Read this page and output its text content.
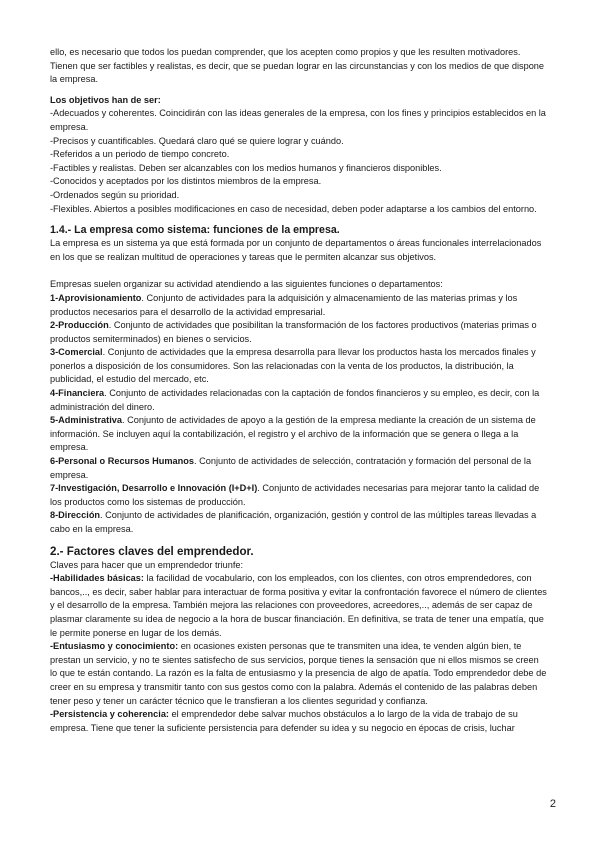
ello, es necesario que todos los puedan comprender, que los acepten como propios y que les resulten motivadores. Tienen que ser factibles y realistas, es decir, que se puedan lograr en las circunstancias y con los medios de que dispone la empresa.

Los objetivos han de ser:

-Adecuados y coherentes. Coincidirán con las ideas generales de la empresa, con los fines y principios establecidos en la empresa.

-Precisos y cuantificables. Quedará claro qué se quiere lograr y cuándo.

-Referidos a un periodo de tiempo concreto.

-Factibles y realistas. Deben ser alcanzables con los medios humanos y financieros disponibles.

-Conocidos y aceptados por los distintos miembros de la empresa.

-Ordenados según su prioridad.

-Flexibles. Abiertos a posibles modificaciones en caso de necesidad, deben poder adaptarse a los cambios del entorno.

1.4.- La empresa como sistema: funciones de la empresa.

La empresa es un sistema ya que está formada por un conjunto de departamentos o áreas funcionales interrelacionados en los que se realizan multitud de operaciones y tareas que le permiten alcanzar sus objetivos.

Empresas suelen organizar su actividad atendiendo a las siguientes funciones o departamentos:

1-Aprovisionamiento. Conjunto de actividades para la adquisición y almacenamiento de las materias primas y los productos necesarios para el desarrollo de la actividad empresarial.

2-Producción. Conjunto de actividades que posibilitan la transformación de los factores productivos (materias primas o productos semiterminados) en bienes o servicios.

3-Comercial. Conjunto de actividades que la empresa desarrolla para llevar los productos hasta los mercados finales y ponerlos a disposición de los consumidores. Son las relacionadas con la venta de los productos, la distribución, la publicidad, el estudio del mercado, etc.

4-Financiera. Conjunto de actividades relacionadas con la captación de fondos financieros y su empleo, es decir, con la administración del dinero.

5-Administrativa. Conjunto de actividades de apoyo a la gestión de la empresa mediante la creación de un sistema de información. Se incluyen aquí la contabilización, el registro y el archivo de la información que se genera o llega a la empresa.

6-Personal o Recursos Humanos. Conjunto de actividades de selección, contratación y formación del personal de la empresa.

7-Investigación, Desarrollo e Innovación (I+D+I). Conjunto de actividades necesarias para mejorar tanto la calidad de los productos como los sistemas de producción.

8-Dirección. Conjunto de actividades de planificación, organización, gestión y control de las múltiples tareas llevadas a cabo en la empresa.

2.- Factores claves del emprendedor.

Claves para hacer que un emprendedor triunfe:

-Habilidades básicas: la facilidad de vocabulario, con los empleados, con los clientes, con otros emprendedores, con bancos,.., es decir, saber hablar para interactuar de forma positiva y evitar la confrontación favorece el número de clientes y el desarrollo de la empresa. También mejora las relaciones con proveedores, acreedores,.., además de ser capaz de plasmar claramente su idea de negocio a la hora de buscar financiación. En definitiva, se trata de tener una empatía, que le permite ponerse en lugar de los demás.

-Entusiasmo y conocimiento: en ocasiones existen personas que te transmiten una idea, te venden algún bien, te prestan un servicio, y no te sientes satisfecho de sus servicios, porque tienes la sensación que ni ellos mismos se creen lo que te están contando. La razón es la falta de entusiasmo y la presencia de algo de apatía. Todo emprendedor debe de creer en su empresa y transmitir tanto con sus gestos como con la palabra. Además el contenido de las palabras deben tener peso y tener un carácter técnico que le transfieran a los clientes seguridad y confianza.

-Persistencia y coherencia: el emprendedor debe salvar muchos obstáculos a lo largo de la vida de trabajo de su empresa. Tiene que tener la suficiente persistencia para defender su idea y su negocio en épocas de crisis, luchar

2
